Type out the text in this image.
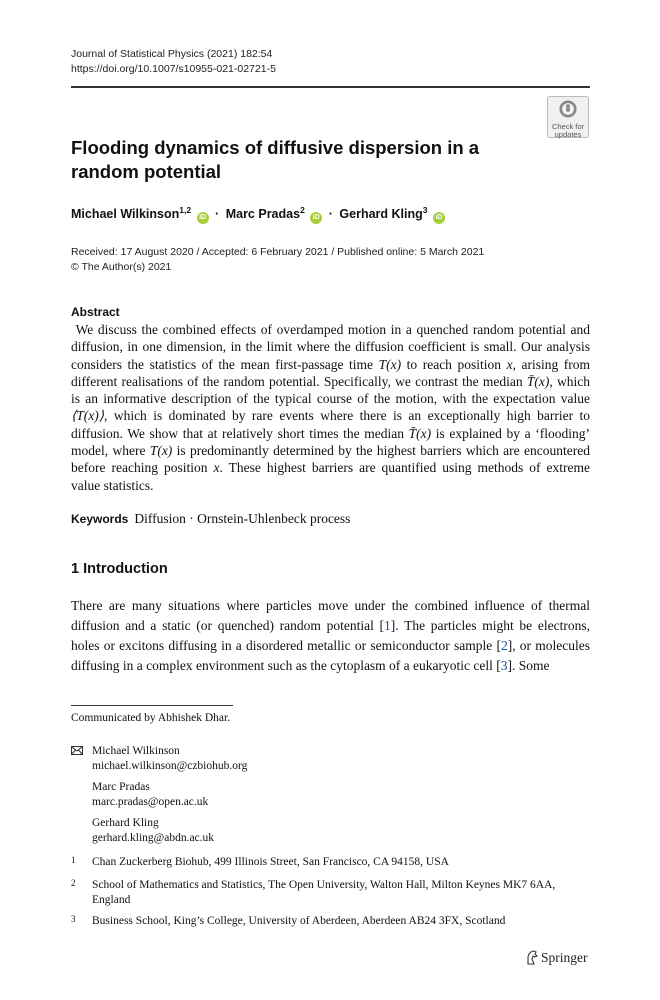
Journal of Statistical Physics (2021) 182:54
https://doi.org/10.1007/s10955-021-02721-5
Check for
updates
Flooding dynamics of diffusive dispersion in a random potential
Michael Wilkinson$^{1,2}$ iD · Marc Pradas$^2$ iD · Gerhard Kling$^3$ iD
Received: 17 August 2020 / Accepted: 6 February 2021 / Published online: 5 March 2021
© The Author(s) 2021
Abstract
We discuss the combined effects of overdamped motion in a quenched random potential and diffusion, in one dimension, in the limit where the diffusion coefficient is small. Our analysis considers the statistics of the mean first-passage time T(x) to reach position x, arising from different realisations of the random potential. Specifically, we contrast the median T̄(x), which is an informative description of the typical course of the motion, with the expectation value ⟨T(x)⟩, which is dominated by rare events where there is an exceptionally high barrier to diffusion. We show that at relatively short times the median T̄(x) is explained by a ‘flooding’ model, where T(x) is predominantly determined by the highest barriers which are encountered before reaching position x. These highest barriers are quantified using methods of extreme value statistics.
Keywords Diffusion · Ornstein-Uhlenbeck process
1 Introduction
There are many situations where particles move under the combined influence of thermal diffusion and a static (or quenched) random potential [1]. The particles might be electrons, holes or excitons diffusing in a disordered metallic or semiconductor sample [2], or molecules diffusing in a complex environment such as the cytoplasm of a eukaryotic cell [3]. Some
Communicated by Abhishek Dhar.
Michael Wilkinson
michael.wilkinson@czbiohub.org
Marc Pradas
marc.pradas@open.ac.uk
Gerhard Kling
gerhard.kling@abdn.ac.uk
1	Chan Zuckerberg Biohub, 499 Illinois Street, San Francisco, CA 94158, USA
2	School of Mathematics and Statistics, The Open University, Walton Hall, Milton Keynes MK7 6AA, England
3	Business School, King’s College, University of Aberdeen, Aberdeen AB24 3FX, Scotland
Springer
